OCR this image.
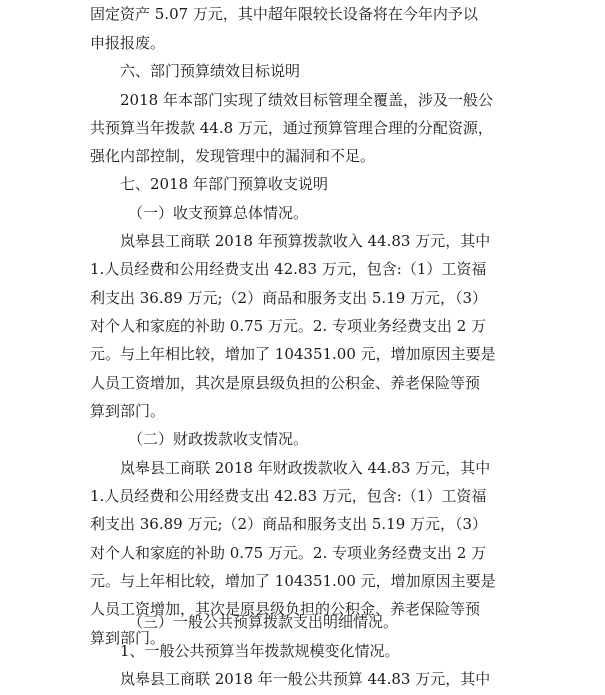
固定资产 5.07 万元，其中超年限较长设备将在今年内予以
申报报废。
六、部门预算绩效目标说明
2018 年本部门实现了绩效目标管理全覆盖，涉及一般公
共预算当年拨款 44.8 万元，通过预算管理合理的分配资源，
强化内部控制，发现管理中的漏洞和不足。
七、2018 年部门预算收支说明
（一）收支预算总体情况。
岚皋县工商联 2018 年预算拨款收入 44.83 万元，其中
1.人员经费和公用经费支出 42.83 万元，包含:（1）工资福
利支出 36.89 万元;（2）商品和服务支出 5.19 万元，（3）
对个人和家庭的补助 0.75 万元。2. 专项业务经费支出 2 万
元。与上年相比较，增加了 104351.00 元，增加原因主要是
人员工资增加，其次是原县级负担的公积金、养老保险等预
算到部门。
（二）财政拨款收支情况。
岚皋县工商联 2018 年财政拨款收入 44.83 万元，其中
1.人员经费和公用经费支出 42.83 万元，包含:（1）工资福
利支出 36.89 万元;（2）商品和服务支出 5.19 万元，（3）
对个人和家庭的补助 0.75 万元。2. 专项业务经费支出 2 万
元。与上年相比较，增加了 104351.00 元，增加原因主要是
人员工资增加，其次是原县级负担的公积金、养老保险等预
算到部门。
（三）一般公共预算拨款支出明细情况。
1、一般公共预算当年拨款规模变化情况。
岚皋县工商联 2018 年一般公共预算 44.83 万元，其中
